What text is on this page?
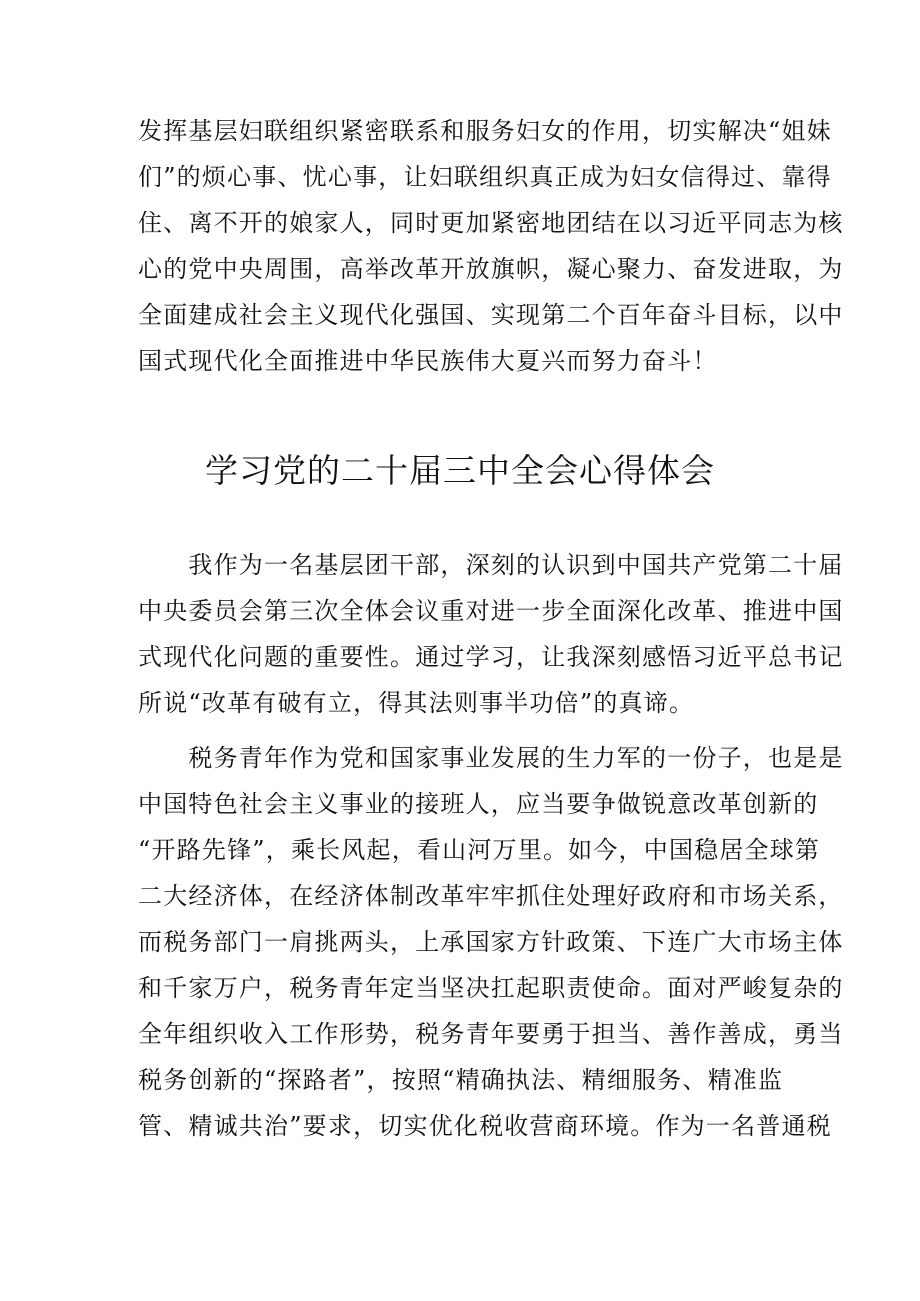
发挥基层妇联组织紧密联系和服务妇女的作用，切实解决“姐妹
们”的烦心事、忧心事，让妇联组织真正成为妇女信得过、靠得
住、离不开的娘家人，同时更加紧密地团结在以习近平同志为核
心的党中央周围，高举改革开放旗帜，凝心聚力、奋发进取，为
全面建成社会主义现代化强国、实现第二个百年奋斗目标，以中
国式现代化全面推进中华民族伟大夏兴而努力奋斗！
学习党的二十届三中全会心得体会
　　我作为一名基层团干部，深刻的认识到中国共产党第二十届
中央委员会第三次全体会议重对进一步全面深化改革、推进中国
式现代化问题的重要性。通过学习，让我深刻感悟习近平总书记
所说“改革有破有立，得其法则事半功倍”的真谛。
　　税务青年作为党和国家事业发展的生力军的一份子，也是是
中国特色社会主义事业的接班人，应当要争做锐意改革创新的
“开路先锋”，乘长风起，看山河万里。如今，中国稳居全球第
二大经济体，在经济体制改革牢牢抓住处理好政府和市场关系，
而税务部门一肩挑两头，上承国家方针政策、下连广大市场主体
和千家万户，税务青年定当坚决扛起职责使命。面对严峻复杂的
全年组织收入工作形势，税务青年要勇于担当、善作善成，勇当
税务创新的“探路者”，按照“精确执法、精细服务、精准监
管、精诚共治”要求，切实优化税收营商环境。作为一名普通税
